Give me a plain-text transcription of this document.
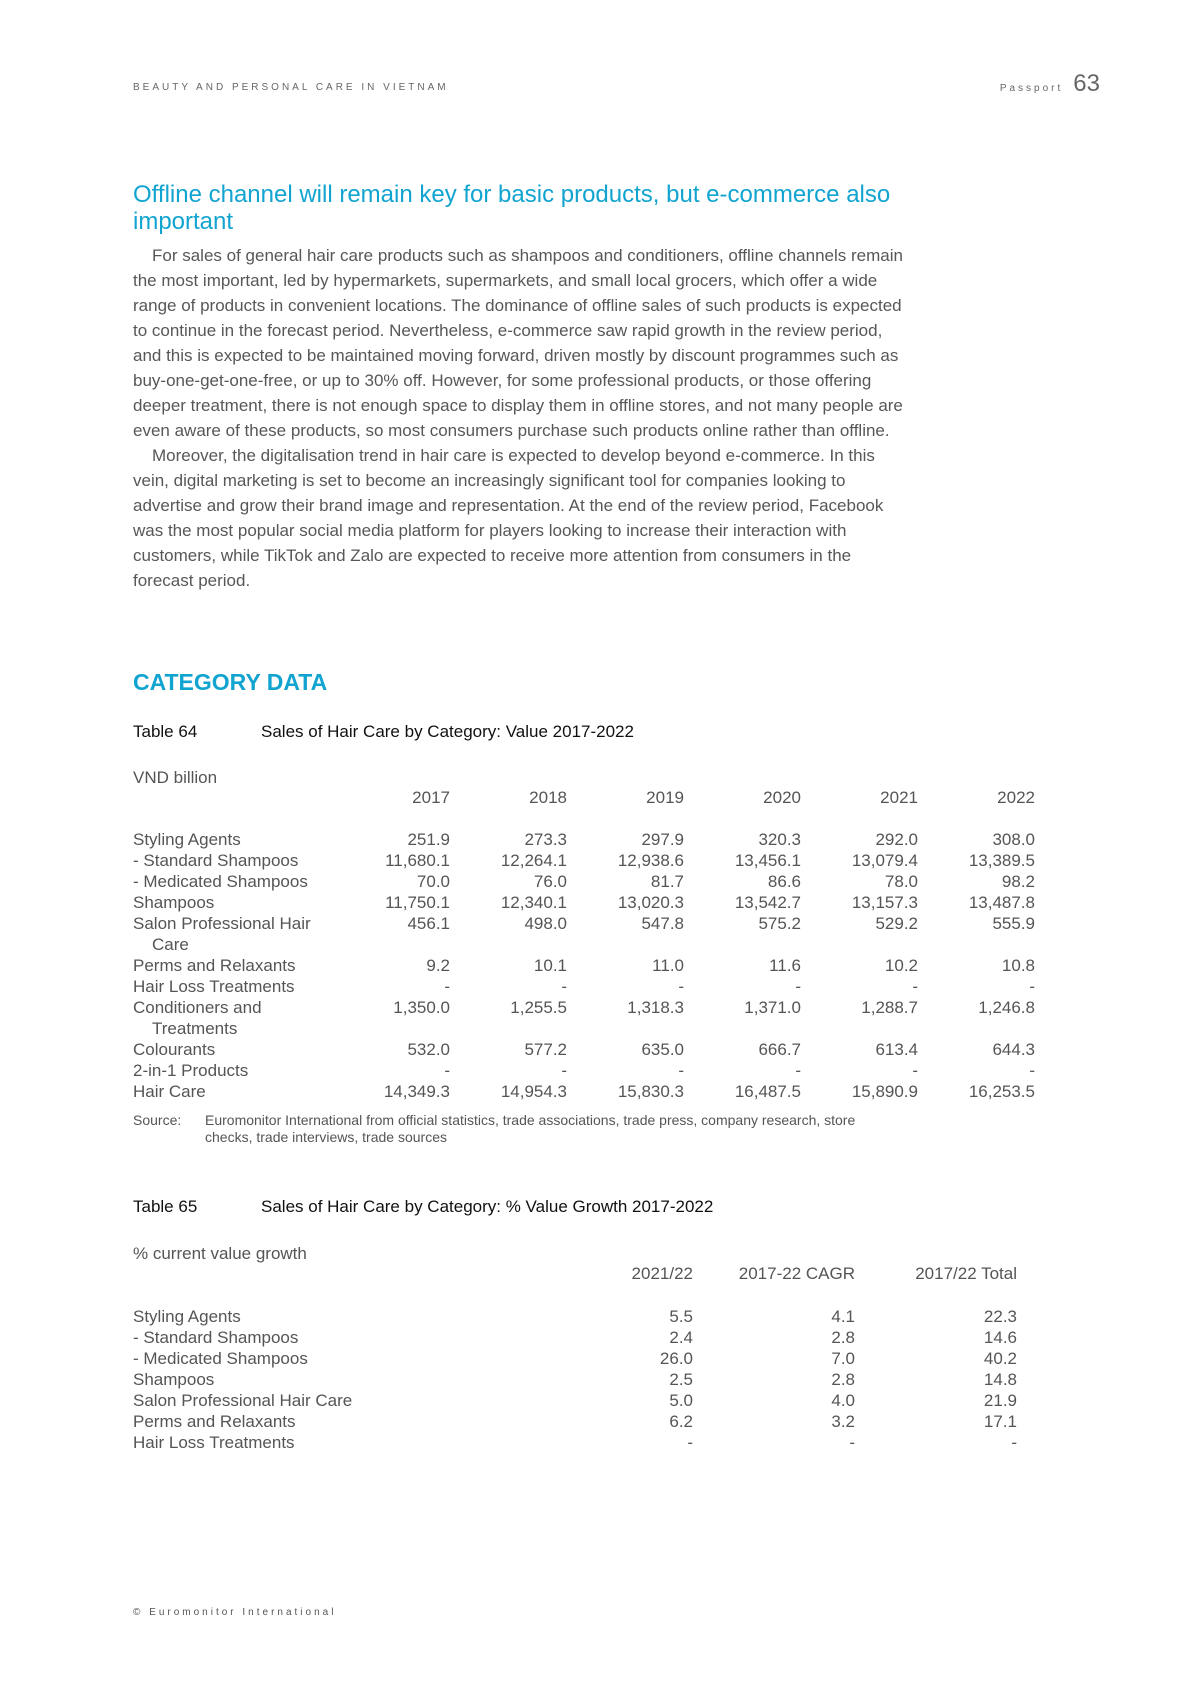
BEAUTY AND PERSONAL CARE IN VIETNAM	Passport 63
Offline channel will remain key for basic products, but e-commerce also important

For sales of general hair care products such as shampoos and conditioners, offline channels remain the most important, led by hypermarkets, supermarkets, and small local grocers, which offer a wide range of products in convenient locations. The dominance of offline sales of such products is expected to continue in the forecast period. Nevertheless, e-commerce saw rapid growth in the review period, and this is expected to be maintained moving forward, driven mostly by discount programmes such as buy-one-get-one-free, or up to 30% off. However, for some professional products, or those offering deeper treatment, there is not enough space to display them in offline stores, and not many people are even aware of these products, so most consumers purchase such products online rather than offline.

Moreover, the digitalisation trend in hair care is expected to develop beyond e-commerce. In this vein, digital marketing is set to become an increasingly significant tool for companies looking to advertise and grow their brand image and representation. At the end of the review period, Facebook was the most popular social media platform for players looking to increase their interaction with customers, while TikTok and Zalo are expected to receive more attention from consumers in the forecast period.

CATEGORY DATA
Table 64	Sales of Hair Care by Category: Value 2017-2022
VND billion
	2017	2018	2019	2020	2021	2022
Styling Agents	251.9	273.3	297.9	320.3	292.0	308.0
- Standard Shampoos	11,680.1	12,264.1	12,938.6	13,456.1	13,079.4	13,389.5
- Medicated Shampoos	70.0	76.0	81.7	86.6	78.0	98.2
Shampoos	11,750.1	12,340.1	13,020.3	13,542.7	13,157.3	13,487.8
Salon Professional Hair Care	456.1	498.0	547.8	575.2	529.2	555.9
Perms and Relaxants	9.2	10.1	11.0	11.6	10.2	10.8
Hair Loss Treatments	-	-	-	-	-	-
Conditioners and Treatments	1,350.0	1,255.5	1,318.3	1,371.0	1,288.7	1,246.8
Colourants	532.0	577.2	635.0	666.7	613.4	644.3
2-in-1 Products	-	-	-	-	-	-
Hair Care	14,349.3	14,954.3	15,830.3	16,487.5	15,890.9	16,253.5
Source:	Euromonitor International from official statistics, trade associations, trade press, company research, store checks, trade interviews, trade sources
Table 65	Sales of Hair Care by Category: % Value Growth 2017-2022
% current value growth
	2021/22	2017-22 CAGR	2017/22 Total
Styling Agents	5.5	4.1	22.3
- Standard Shampoos	2.4	2.8	14.6
- Medicated Shampoos	26.0	7.0	40.2
Shampoos	2.5	2.8	14.8
Salon Professional Hair Care	5.0	4.0	21.9
Perms and Relaxants	6.2	3.2	17.1
Hair Loss Treatments	-	-	-
© Euromonitor International
